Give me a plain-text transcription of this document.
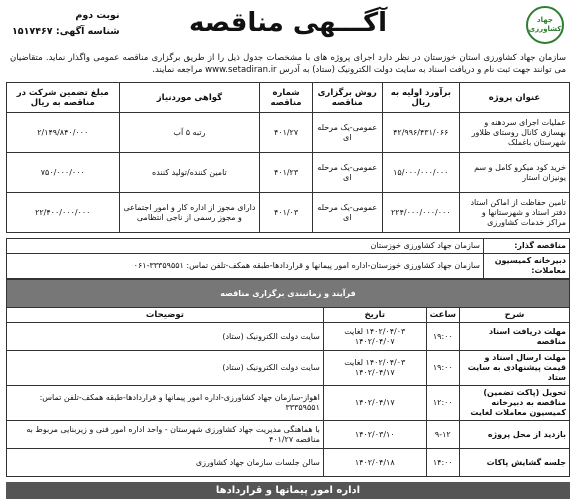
جهاد
کشاورزی
آگـــهی مناقصه
نوبت دوم
شناسه آگهی: ۱۵۱۷۴۶۷

سازمان جهاد کشاورزی استان خوزستان در نظر دارد اجرای پروژه های با مشخصات جدول ذیل را از طریق برگزاری مناقصه عمومی واگذار نماید. متقاضیان می توانند جهت ثبت نام و دریافت اسناد به سایت دولت الکترونیک (ستاد) به آدرس www.setadiran.ir مراجعه نمایند.

عنوان پروژه	برآورد اولیه به ریال	روش برگزاری مناقصه	شماره مناقصه	گواهی موردنیاز	مبلغ تضمین شرکت در مناقصه به ریال
عملیات اجرای سردهنه و بهسازی کانال روستای ظلاور شهرستان باغملک	۴۲/۹۹۶/۴۳۱/۰۶۶	عمومی-یک مرحله ای	۴۰۱/۲۷	رتبه ۵ آب	۲/۱۴۹/۸۴۰/۰۰۰
خرید کود میکرو کامل و سم یونیزان استار	۱۵/۰۰۰/۰۰۰/۰۰۰	عمومی-یک مرحله ای	۴۰۱/۲۳	تامین کننده/تولید کننده	۷۵۰/۰۰۰/۰۰۰
تامین حفاظت از اماکن استاد دفتر استاد و شهرستانها و مراکز خدمات کشاورزی	۲۲۴/۰۰۰/۰۰۰/۰۰۰	عمومی-یک مرحله ای	۴۰۱/۰۳	دارای مجوز از اداره کار و امور اجتماعی و مجوز رسمی از ناجی انتظامی	۲۲/۴۰۰/۰۰۰/۰۰۰
مناقصه گذار:	سازمان جهاد کشاورزی خوزستان
دبیرخانه کمیسیون معاملات:	سازمان جهاد کشاورزی خوزستان-اداره امور پیمانها و قراردادها-طبقه همکف-تلفن تماس: ۳۳۳۵۹۵۵۱-۰۶۱
فرآیند و زمانبندی برگزاری مناقصه			
شرح	ساعت	تاریخ	توضیحات
مهلت دریافت اسناد مناقصه	۱۹:۰۰	۱۴۰۲/۰۴/۰۳ لغایت ۱۴۰۲/۰۴/۰۷	سایت دولت الکترونیک (ستاد)
مهلت ارسال اسناد و قیمت پیشنهادی به سایت ستاد	۱۹:۰۰	۱۴۰۲/۰۴/۰۳ لغایت ۱۴۰۲/۰۴/۱۷	سایت دولت الکترونیک (ستاد)
تحویل (پاکت تضمین) مناقصه به دبیرخانه کمیسیون معاملات لغایت	۱۲:۰۰	۱۴۰۲/۰۴/۱۷	اهواز-سازمان جهاد کشاورزی-اداره امور پیمانها و قراردادها-طبقه همکف-تلفن تماس: ۳۳۳۵۹۵۵۱
بازدید از محل پروژه	۹-۱۲	۱۴۰۲/۰۳/۱۰	با هماهنگی مدیریت جهاد کشاورزی شهرستان - واحد اداره امور فنی و زیربنایی مربوط به مناقصه ۴۰۱/۲۷
جلسه گشایش پاکات	۱۴:۰۰	۱۴۰۲/۰۴/۱۸	سالن جلسات سازمان جهاد کشاورزی
اداره امور پیمانها و قراردادها
